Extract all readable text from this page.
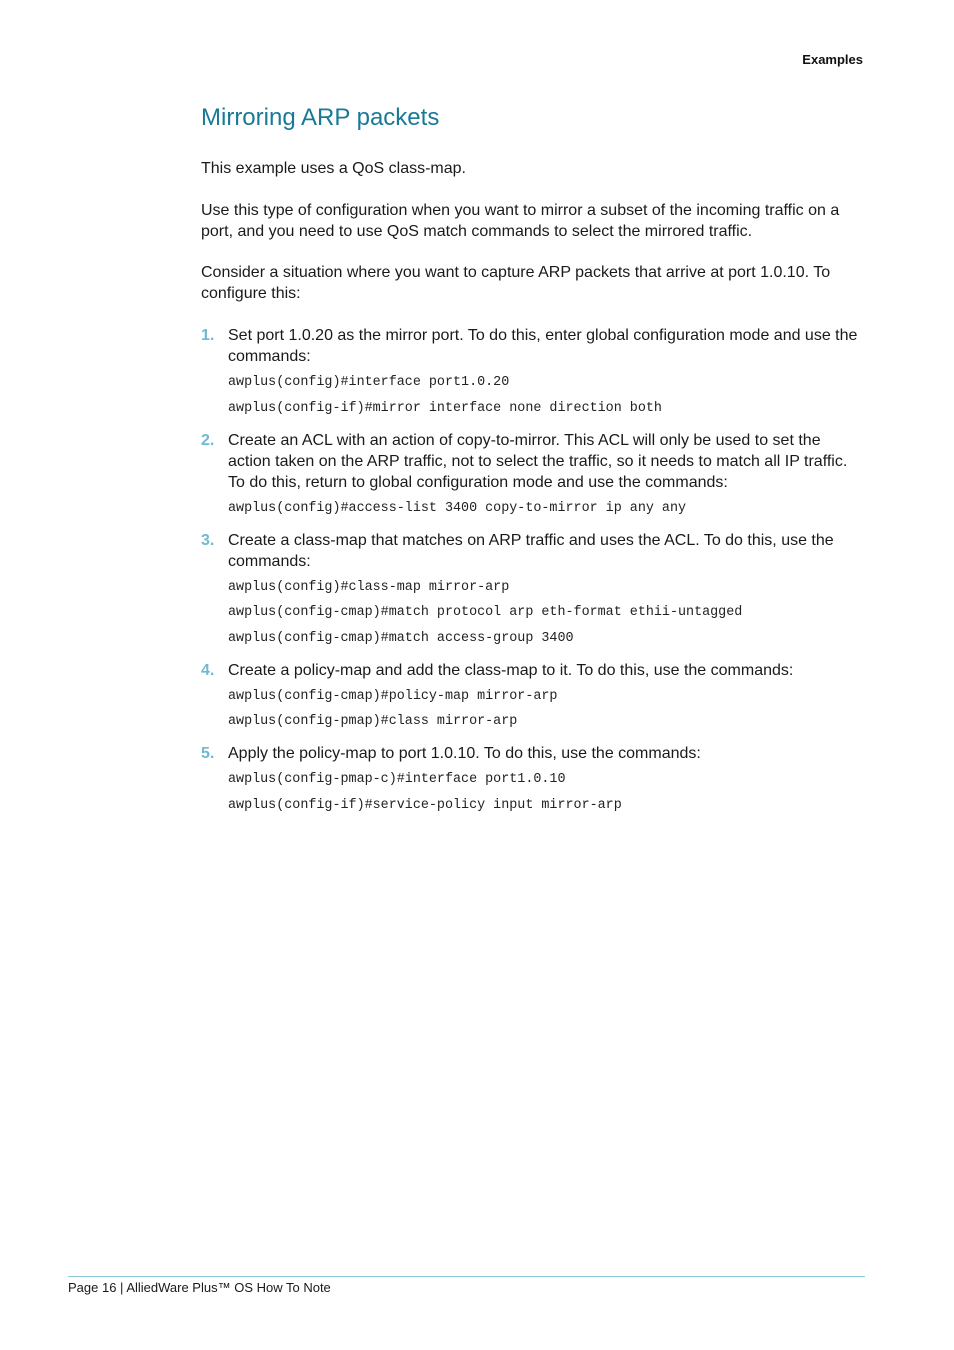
Examples
Mirroring ARP packets

This example uses a QoS class-map.

Use this type of configuration when you want to mirror a subset of the incoming traffic on a port, and you need to use QoS match commands to select the mirrored traffic.

Consider a situation where you want to capture ARP packets that arrive at port 1.0.10. To configure this:

1. Set port 1.0.20 as the mirror port. To do this, enter global configuration mode and use the commands:

awplus(config)#interface port1.0.20
awplus(config-if)#mirror interface none direction both
2. Create an ACL with an action of copy-to-mirror. This ACL will only be used to set the action taken on the ARP traffic, not to select the traffic, so it needs to match all IP traffic. To do this, return to global configuration mode and use the commands:

awplus(config)#access-list 3400 copy-to-mirror ip any any
3. Create a class-map that matches on ARP traffic and uses the ACL. To do this, use the commands:

awplus(config)#class-map mirror-arp
awplus(config-cmap)#match protocol arp eth-format ethii-untagged
awplus(config-cmap)#match access-group 3400
4. Create a policy-map and add the class-map to it. To do this, use the commands:

awplus(config-cmap)#policy-map mirror-arp
awplus(config-pmap)#class mirror-arp
5. Apply the policy-map to port 1.0.10. To do this, use the commands:

awplus(config-pmap-c)#interface port1.0.10
awplus(config-if)#service-policy input mirror-arp
Page 16 | AlliedWare Plus™ OS How To Note
